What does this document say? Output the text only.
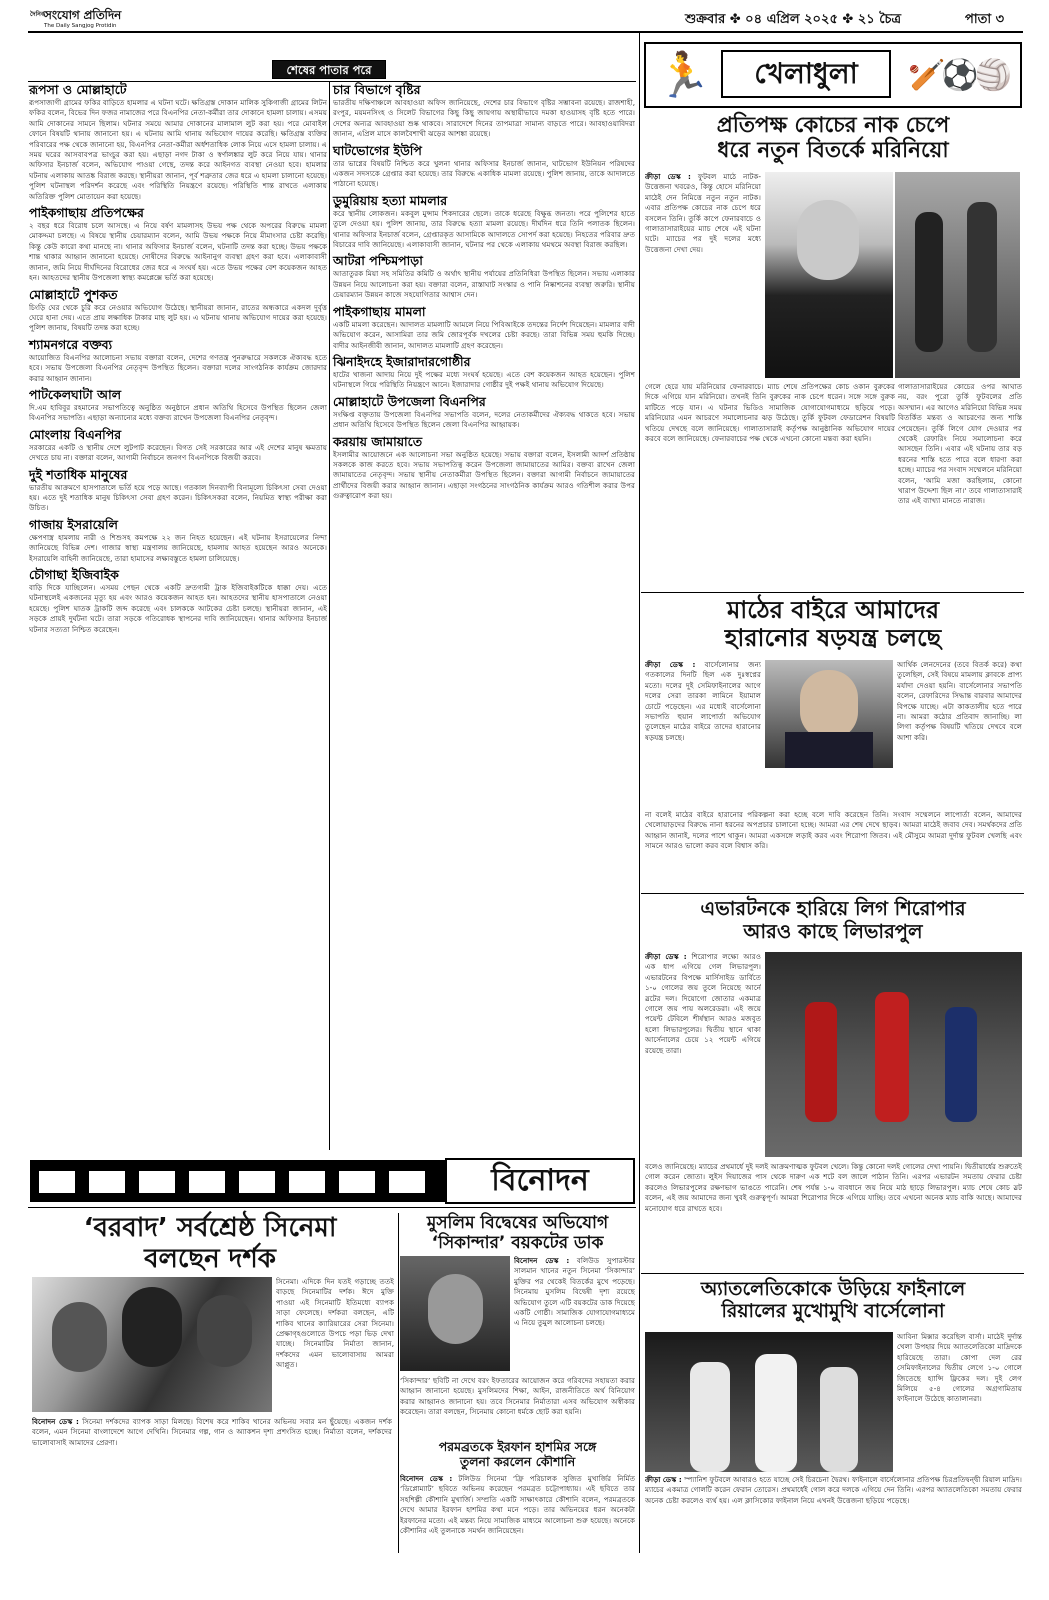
দৈনিক
সংযোগ প্রতিদিন
The Daily Sangjog Protidin	শুক্রবার ✤ ০৪ এপ্রিল ২০২৫ ✤ ২১ চৈত্র	পাতা ৩
শেষের পাতার পরে
রূপসা ও মোল্লাহাটে
রূপসাজাগী গ্রামের ফকির বাড়িতে হামলার এ ঘটনা ঘটে। ক্ষতিগ্রস্ত দোকান মালিক সুকিগাজী গ্রামের লিটন ফকির বলেন, বিভের দিন ফজর নামাজের পরে বিএনপির নেতা-কর্মীরা তার দোকানে হামলা চালায়। এসময় আমি দোকানের সামনে ছিলাম। ঘটনার সময়ে আমার দোকানের মালামাল লুট করা হয়। পরে মোবাইল ফোনে বিষয়টি থানায় জানানো হয়। এ ঘটনায় আমি থানায় অভিযোগ দায়ের করেছি। ক্ষতিগ্রস্ত ব্যক্তির পরিবারের পক্ষ থেকে জানানো হয়, বিএনপির নেতা-কর্মীরা অর্ধশতাধিক লোক নিয়ে এসে হামলা চালায়। এ সময় ঘরের আসবাবপত্র ভাংচুর করা হয়। এছাড়া নগদ টাকা ও স্বর্ণালঙ্কার লুট করে নিয়ে যায়। থানার অফিসার ইনচার্জ বলেন, অভিযোগ পাওয়া গেছে, তদন্ত করে আইনগত ব্যবস্থা নেওয়া হবে। হামলার ঘটনায় এলাকায় আতঙ্ক বিরাজ করছে। স্থানীয়রা জানান, পূর্ব শত্রুতার জের ধরে এ হামলা চালানো হয়েছে। পুলিশ ঘটনাস্থল পরিদর্শন করেছে এবং পরিস্থিতি নিয়ন্ত্রণে রয়েছে। পরিস্থিতি শান্ত রাখতে এলাকায় অতিরিক্ত পুলিশ মোতায়েন করা হয়েছে।
পাইকগাছায় প্রতিপক্ষের
২ বছর ধরে বিরোধ চলে আসছে। এ নিয়ে বর্ষণ মামলাসহ উভয় পক্ষ থেকে অপরের বিরুদ্ধে মামলা মোকদ্দমা চলছে। এ বিষয়ে স্থানীয় চেয়ারম্যান বলেন, আমি উভয় পক্ষকে নিয়ে মীমাংসার চেষ্টা করেছি। কিন্তু কেউ কারো কথা মানছে না। থানার অফিসার ইনচার্জ বলেন, ঘটনাটি তদন্ত করা হচ্ছে। উভয় পক্ষকে শান্ত থাকার আহ্বান জানানো হয়েছে। দোষীদের বিরুদ্ধে আইনানুগ ব্যবস্থা গ্রহণ করা হবে। এলাকাবাসী জানান, জমি নিয়ে দীর্ঘদিনের বিরোধের জের ধরে এ সংঘর্ষ হয়। এতে উভয় পক্ষের বেশ কয়েকজন আহত হন। আহতদের স্থানীয় উপজেলা স্বাস্থ্য কমপ্লেক্সে ভর্তি করা হয়েছে।
মোল্লাহাটে পুশকত
চিংড়ি ঘের থেকে চুরি করে নেওয়ার অভিযোগ উঠেছে। স্থানীয়রা জানান, রাতের অন্ধকারে একদল দুর্বৃত্ত ঘেরে হানা দেয়। এতে প্রায় লক্ষাধিক টাকার মাছ লুট হয়। এ ঘটনায় থানায় অভিযোগ দায়ের করা হয়েছে। পুলিশ জানায়, বিষয়টি তদন্ত করা হচ্ছে।
শ্যামনগরে বক্তব্য
আয়োজিত বিএনপির আলোচনা সভায় বক্তারা বলেন, দেশের গণতন্ত্র পুনরুদ্ধারে সকলকে ঐক্যবদ্ধ হতে হবে। সভায় উপজেলা বিএনপির নেতৃবৃন্দ উপস্থিত ছিলেন। বক্তারা দলের সাংগঠনিক কার্যক্রম জোরদার করার আহ্বান জানান।
পাটকেলঘাটা আল
দি.এম হাবিবুর রহমানের সভাপতিত্বে অনুষ্ঠিত অনুষ্ঠানে প্রধান অতিথি হিসেবে উপস্থিত ছিলেন জেলা বিএনপির সভাপতি। এছাড়া অন্যান্যের মধ্যে বক্তব্য রাখেন উপজেলা বিএনপির নেতৃবৃন্দ।
মোংলায় বিএনপির
সরকারের একটি ও স্থানীয় দেশে লুটপাট করেছেন। বিগত সেই সরকারের আর এই দেশের মানুষ ক্ষমতায় দেখতে চায় না। বক্তারা বলেন, আগামী নির্বাচনে জনগণ বিএনপিকে বিজয়ী করবে।
দুই শতাধিক মানুষের
ভারতীয় আক্রমণে হাসপাতালে ভর্তি হয়ে পড়ে আছে। গতকাল দিনব্যাপী বিনামূল্যে চিকিৎসা সেবা দেওয়া হয়। এতে দুই শতাধিক মানুষ চিকিৎসা সেবা গ্রহণ করেন। চিকিৎসকরা বলেন, নিয়মিত স্বাস্থ্য পরীক্ষা করা উচিত।
গাজায় ইসরায়েলি
ক্ষেপণাস্ত্র হামলায় নারী ও শিশুসহ কমপক্ষে ২২ জন নিহত হয়েছেন। এই ঘটনায় ইসরায়েলের নিন্দা জানিয়েছে বিভিন্ন দেশ। গাজার স্বাস্থ্য মন্ত্রণালয় জানিয়েছে, হামলায় আহত হয়েছেন আরও অনেকে। ইসরায়েলি বাহিনী জানিয়েছে, তারা হামাসের লক্ষ্যবস্তুতে হামলা চালিয়েছে।
চৌগাছা ইজিবাইক
বাড়ি দিকে যাচ্ছিলেন। এসময় পেছন থেকে একটি দ্রুতগামী ট্রাক ইজিবাইকটিকে ধাক্কা দেয়। এতে ঘটনাস্থলেই একজনের মৃত্যু হয় এবং আরও কয়েকজন আহত হন। আহতদের স্থানীয় হাসপাতালে নেওয়া হয়েছে। পুলিশ ঘাতক ট্রাকটি জব্দ করেছে এবং চালককে আটকের চেষ্টা চলছে। স্থানীয়রা জানান, এই সড়কে প্রায়ই দুর্ঘটনা ঘটে। তারা সড়কে গতিরোধক স্থাপনের দাবি জানিয়েছেন। থানার অফিসার ইনচার্জ ঘটনার সত্যতা নিশ্চিত করেছেন।
চার বিভাগে বৃষ্টির
ভারতীয় দক্ষিণাঞ্চলে আবহাওয়া অফিস জানিয়েছে, দেশের চার বিভাগে বৃষ্টির সম্ভাবনা রয়েছে। রাজশাহী, রংপুর, ময়মনসিংহ ও সিলেট বিভাগের কিছু কিছু জায়গায় অস্থায়ীভাবে দমকা হাওয়াসহ বৃষ্টি হতে পারে। দেশের অন্যত্র আবহাওয়া শুষ্ক থাকবে। সারাদেশে দিনের তাপমাত্রা সামান্য বাড়তে পারে। আবহাওয়াবিদরা জানান, এপ্রিল মাসে কালবৈশাখী ঝড়ের আশঙ্কা রয়েছে।
ঘাটভোগের ইউপি
তার ভাগ্নের বিষয়টি নিশ্চিত করে খুলনা থানার অফিসার ইনচার্জ জানান, ঘাটভোগ ইউনিয়ন পরিষদের একজন সদস্যকে গ্রেপ্তার করা হয়েছে। তার বিরুদ্ধে একাধিক মামলা রয়েছে। পুলিশ জানায়, তাকে আদালতে পাঠানো হয়েছে।
ডুমুরিয়ায় হত্যা মামলার
করে স্থানীয় লোকজন। মকবুল মুন্সাম শিকদারের ছেলে। তাকে ধরেছে বিক্ষুব্ধ জনতা। পরে পুলিশের হাতে তুলে দেওয়া হয়। পুলিশ জানায়, তার বিরুদ্ধে হত্যা মামলা রয়েছে। দীর্ঘদিন ধরে তিনি পলাতক ছিলেন। থানার অফিসার ইনচার্জ বলেন, গ্রেপ্তারকৃত আসামিকে আদালতে সোপর্দ করা হয়েছে। নিহতের পরিবার দ্রুত বিচারের দাবি জানিয়েছে। এলাকাবাসী জানান, ঘটনার পর থেকে এলাকায় থমথমে অবস্থা বিরাজ করছিল।
আটরা পশ্চিমপাড়া
আতাতুরক মিয়া সহ সমিতির কমিটি ও অর্থাৎ স্থানীয় পর্যায়ের প্রতিনিধিরা উপস্থিত ছিলেন। সভায় এলাকার উন্নয়ন নিয়ে আলোচনা করা হয়। বক্তারা বলেন, রাস্তাঘাট সংস্কার ও পানি নিষ্কাশনের ব্যবস্থা জরুরি। স্থানীয় চেয়ারম্যান উন্নয়ন কাজে সহযোগিতার আশ্বাস দেন।
পাইকগাছায় মামলা
একটি মামলা করেছেন। আদালত মামলাটি আমলে নিয়ে পিবিআইকে তদন্তের নির্দেশ দিয়েছেন। মামলার বাদী অভিযোগ করেন, আসামিরা তার জমি জোরপূর্বক দখলের চেষ্টা করছে। তারা বিভিন্ন সময় হুমকি দিচ্ছে। বাদীর আইনজীবী জানান, আদালত মামলাটি গ্রহণ করেছেন।
ঝিনাইদহে ইজারাদারগোষ্ঠীর
হাটের খাজনা আদায় নিয়ে দুই পক্ষের মধ্যে সংঘর্ষ হয়েছে। এতে বেশ কয়েকজন আহত হয়েছেন। পুলিশ ঘটনাস্থলে গিয়ে পরিস্থিতি নিয়ন্ত্রণে আনে। ইজারাদার গোষ্ঠীর দুই পক্ষই থানায় অভিযোগ দিয়েছে।
মোল্লাহাটে উপজেলা বিএনপির
সংক্ষিপ্ত বক্তৃতায় উপজেলা বিএনপির সভাপতি বলেন, দলের নেতাকর্মীদের ঐক্যবদ্ধ থাকতে হবে। সভায় প্রধান অতিথি হিসেবে উপস্থিত ছিলেন জেলা বিএনপির আহ্বায়ক।
করয়ায় জামায়াতে
ইসলামীর আয়োজনে এক আলোচনা সভা অনুষ্ঠিত হয়েছে। সভায় বক্তারা বলেন, ইসলামী আদর্শ প্রতিষ্ঠায় সকলকে কাজ করতে হবে। সভায় সভাপতিত্ব করেন উপজেলা জামায়াতের আমির। বক্তব্য রাখেন জেলা জামায়াতের নেতৃবৃন্দ। সভায় স্থানীয় নেতাকর্মীরা উপস্থিত ছিলেন। বক্তারা আগামী নির্বাচনে জামায়াতের প্রার্থীদের বিজয়ী করার আহ্বান জানান। এছাড়া সংগঠনের সাংগঠনিক কার্যক্রম আরও গতিশীল করার উপর গুরুত্বারোপ করা হয়।
বিনোদন
‘বরবাদ’ সর্বশ্রেষ্ঠ সিনেমা
বলছেন দর্শক
সিনেমা। এদিকে দিন যতই গড়াচ্ছে ততই বাড়ছে সিনেমাটির দর্শক। ঈদে মুক্তি পাওয়া এই সিনেমাটি ইতিমধ্যে ব্যাপক সাড়া ফেলেছে। দর্শকরা বলছেন, এটি শাকিব খানের ক্যারিয়ারের সেরা সিনেমা। প্রেক্ষাগৃহগুলোতে উপচে পড়া ভিড় দেখা যাচ্ছে। সিনেমাটির নির্মাতা জানান, দর্শকদের এমন ভালোবাসায় আমরা আপ্লুত।
বিনোদন ডেস্ক : সিনেমা দর্শকদের ব্যাপক সাড়া মিলছে। বিশেষ করে শাকিব খানের অভিনয় সবার মন ছুঁয়েছে। একজন দর্শক বলেন, এমন সিনেমা বাংলাদেশে আগে দেখিনি। সিনেমার গল্প, গান ও অ্যাকশন দৃশ্য প্রশংসিত হচ্ছে। নির্মাতা বলেন, দর্শকদের ভালোবাসাই আমাদের প্রেরণা।
মুসলিম বিদ্বেষের অভিযোগ
‘সিকান্দার’ বয়কটের ডাক
বিনোদন ডেস্ক : বলিউড সুপারস্টার সালমান খানের নতুন সিনেমা ‘সিকান্দার’ মুক্তির পর থেকেই বিতর্কের মুখে পড়েছে। সিনেমায় মুসলিম বিদ্বেষী দৃশ্য রয়েছে অভিযোগ তুলে এটি বয়কটের ডাক দিয়েছে একটি গোষ্ঠী। সামাজিক যোগাযোগমাধ্যমে এ নিয়ে তুমুল আলোচনা চলছে।
‘সিকান্দার’ ছবিটি না দেখে বরং ইফতারের আয়োজন করে গরিবদের সহায়তা করার আহ্বান জানানো হয়েছে। মুসলিমদের শিক্ষা, আইন, রাজনীতিতে অর্থ বিনিয়োগ করার আহ্বানও জানানো হয়। তবে সিনেমার নির্মাতারা এসব অভিযোগ অস্বীকার করেছেন। তারা বলছেন, সিনেমায় কোনো ধর্মকে ছোট করা হয়নি।
পরমব্রতকে ইরফান হাশমির সঙ্গে
তুলনা করলেন কৌশানি
বিনোদন ডেস্ক : টলিউড সিনেমা ‘ফ্রি পরিচালক সুজিত মুখার্জির নির্মিত ‘ডিপ্লোম্যাট’ ছবিতে অভিনয় করেছেন পরমব্রত চট্টোপাধ্যায়। এই ছবিতে তার সহশিল্পী কৌশানি মুখার্জি। সম্প্রতি একটি সাক্ষাৎকারে কৌশানি বলেন, পরমব্রতকে দেখে আমার ইরফান হাশমির কথা মনে পড়ে। তার অভিনয়ের ধরন অনেকটা ইরফানের মতো। এই মন্তব্য নিয়ে সামাজিক মাধ্যমে আলোচনা শুরু হয়েছে। অনেকে কৌশানির এই তুলনাকে সমর্থন জানিয়েছেন।
🏃	খেলাধুলা	🏏⚽🏐
প্রতিপক্ষ কোচের নাক চেপে
ধরে নতুন বিতর্কে মরিনিয়ো
ক্রীড়া ডেস্ক : ফুটবল মাঠে নাটক-উত্তেজনা খবরেও, কিন্তু হোসে মরিনিয়ো মাঠেই দেন নিমিত্তে নতুন নতুন নাটক। এবার প্রতিপক্ষ কোচের নাক চেপে ধরে বসলেন তিনি। তুর্কি কাপে ফেনারবাচে ও গালাতাসারাইয়ের ম্যাচ শেষে এই ঘটনা ঘটে। ম্যাচের পর দুই দলের মধ্যে উত্তেজনা দেখা দেয়।
গেলে হেরে যায় মরিনিয়োর ফেনারবাচে। ম্যাচ শেষে প্রতিপক্ষের কোচ ওকান বুরুকের দিকে এগিয়ে যান মরিনিয়ো। তখনই তিনি বুরুকের নাক চেপে ধরেন। সঙ্গে সঙ্গে বুরুক মাটিতে পড়ে যান। এ ঘটনার ভিডিও সামাজিক যোগাযোগমাধ্যমে ছড়িয়ে পড়ে। মরিনিয়োর এমন আচরণে সমালোচনার ঝড় উঠেছে। তুর্কি ফুটবল ফেডারেশন বিষয়টি খতিয়ে দেখছে বলে জানিয়েছে। গালাতাসারাই কর্তৃপক্ষ আনুষ্ঠানিক অভিযোগ দায়ের করবে বলে জানিয়েছে। ফেনারবাচের পক্ষ থেকে এখনো কোনো মন্তব্য করা হয়নি।
গালাতাসারাইয়ের কোচের ওপর আঘাত নয়, বরং পুরো তুর্কি ফুটবলের প্রতি অসম্মান। এর আগেও মরিনিয়ো বিভিন্ন সময় বিতর্কিত মন্তব্য ও আচরণের জন্য শাস্তি পেয়েছেন। তুর্কি লিগে যোগ দেওয়ার পর থেকেই রেফারিং নিয়ে সমালোচনা করে আসছেন তিনি। এবার এই ঘটনায় তার বড় ধরনের শাস্তি হতে পারে বলে ধারণা করা হচ্ছে। ম্যাচের পর সংবাদ সম্মেলনে মরিনিয়ো বলেন, 'আমি মজা করছিলাম, কোনো খারাপ উদ্দেশ্য ছিল না।' তবে গালাতাসারাই তার এই ব্যাখ্যা মানতে নারাজ।
মাঠের বাইরে আমাদের
হারানোর ষড়যন্ত্র চলছে
ক্রীড়া ডেস্ক : বার্সেলোনার জন্য গতকালের দিনটি ছিল এক দুঃস্বপ্নের মতো। দলের দুই সেমিফাইনালের আগে দলের সেরা তারকা লামিনে ইয়ামাল চোটে পড়েছেন। এর মধ্যেই বার্সেলোনা সভাপতি হুয়ান লাপোর্তা অভিযোগ তুলেছেন মাঠের বাইরে তাদের হারানোর ষড়যন্ত্র চলছে।
আর্থিক লেনদেনের (তবে বিতর্ক করে) কথা তুলেছিল, সেই বিষয়ে মামলায় ক্লাবকে প্রাপ্য মর্যাদা দেওয়া হয়নি। বার্সেলোনার সভাপতি বলেন, রেফারিদের সিদ্ধান্ত বারবার আমাদের বিপক্ষে যাচ্ছে। এটা কাকতালীয় হতে পারে না। আমরা কঠোর প্রতিবাদ জানাচ্ছি। লা লিগা কর্তৃপক্ষ বিষয়টি খতিয়ে দেখবে বলে আশা করি।
না বলেই মাঠের বাইরে হারানোর পরিকল্পনা করা হচ্ছে বলে দাবি করেছেন তিনি। সংবাদ সম্মেলনে লাপোর্তা বলেন, আমাদের খেলোয়াড়দের বিরুদ্ধে নানা ধরনের অপপ্রচার চালানো হচ্ছে। আমরা এর শেষ দেখে ছাড়ব। আমরা মাঠেই জবাব দেব। সমর্থকদের প্রতি আহ্বান জানাই, দলের পাশে থাকুন। আমরা একসঙ্গে লড়াই করব এবং শিরোপা জিতব। এই মৌসুমে আমরা দুর্দান্ত ফুটবল খেলছি এবং সামনে আরও ভালো করব বলে বিশ্বাস করি।
এভারটনকে হারিয়ে লিগ শিরোপার
আরও কাছে লিভারপুল
ক্রীড়া ডেস্ক : শিরোপার লক্ষ্যে আরও এক ধাপ এগিয়ে গেল লিভারপুল। এভারটনের বিপক্ষে মার্সিসাইড ডার্বিতে ১-০ গোলের জয় তুলে নিয়েছে আর্নে স্লটের দল। দিয়োগো জোতার একমাত্র গোলে জয় পায় অলরেডরা। এই জয়ে পয়েন্ট টেবিলে শীর্ষস্থান আরও মজবুত হলো লিভারপুলের। দ্বিতীয় স্থানে থাকা আর্সেনালের চেয়ে ১২ পয়েন্ট এগিয়ে রয়েছে তারা।
বলেও জানিয়েছে। ম্যাচের প্রথমার্ধে দুই দলই আক্রমণাত্মক ফুটবল খেলে। কিন্তু কোনো দলই গোলের দেখা পায়নি। দ্বিতীয়ার্ধের শুরুতেই গোল করেন জোতা। লুইস দিয়াজের পাস থেকে দারুণ এক শটে বল জালে পাঠান তিনি। এরপর এভারটন সমতায় ফেরার চেষ্টা করলেও লিভারপুলের রক্ষণভাগ ভাঙতে পারেনি। শেষ পর্যন্ত ১-০ ব্যবধানে জয় নিয়ে মাঠ ছাড়ে লিভারপুল। ম্যাচ শেষে কোচ স্লট বলেন, এই জয় আমাদের জন্য খুবই গুরুত্বপূর্ণ। আমরা শিরোপার দিকে এগিয়ে যাচ্ছি। তবে এখনো অনেক ম্যাচ বাকি আছে। আমাদের মনোযোগ ধরে রাখতে হবে।
অ্যাতলেতিকোকে উড়িয়ে ফাইনালে
রিয়ালের মুখোমুখি বার্সেলোনা
আবিনা মিক্সার করেছিল বার্সা। মাঠেই দুর্দান্ত খেলা উপহার দিয়ে অ্যাতলেতিকো মাদ্রিদকে হারিয়েছে তারা। কোপা দেল রের সেমিফাইনালের দ্বিতীয় লেগে ১-০ গোলে জিতেছে হ্যান্সি ফ্লিকের দল। দুই লেগ মিলিয়ে ৫-৪ গোলের অগ্রগামিতায় ফাইনালে উঠেছে কাতালানরা।
ক্রীড়া ডেস্ক : স্প্যানিশ ফুটবলে আবারও হতে যাচ্ছে সেই চিরচেনা দ্বৈরথ। ফাইনালে বার্সেলোনার প্রতিপক্ষ চিরপ্রতিদ্বন্দ্বী রিয়াল মাদ্রিদ। ম্যাচের একমাত্র গোলটি করেন ফেরান তোরেস। প্রথমার্ধেই গোল করে দলকে এগিয়ে দেন তিনি। এরপর অ্যাতলেতিকো সমতায় ফেরার অনেক চেষ্টা করলেও ব্যর্থ হয়। এল ক্লাসিকোর ফাইনাল নিয়ে এখনই উত্তেজনা ছড়িয়ে পড়েছে।
